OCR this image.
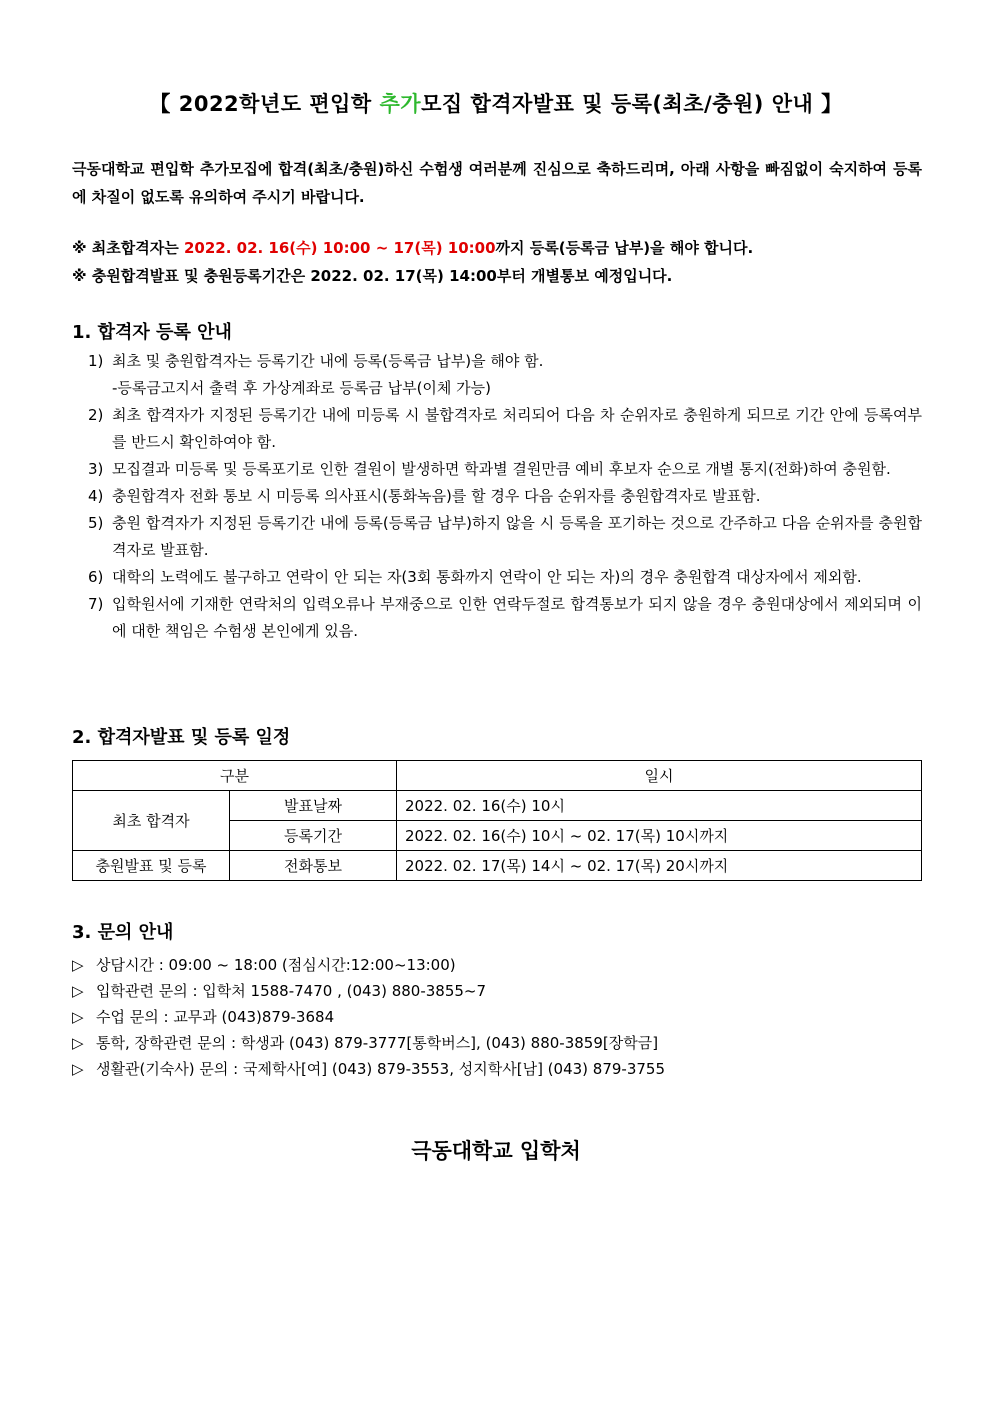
【 2022학년도 편입학 추가모집 합격자발표 및 등록(최초/충원) 안내 】
극동대학교 편입학 추가모집에 합격(최초/충원)하신 수험생 여러분께 진심으로 축하드리며, 아래 사항을 빠짐없이 숙지하여 등록에 차질이 없도록 유의하여 주시기 바랍니다.
※ 최초합격자는 2022. 02. 16(수) 10:00 ~ 17(목) 10:00까지 등록(등록금 납부)을 해야 합니다.
※ 충원합격발표 및 충원등록기간은 2022. 02. 17(목) 14:00부터 개별통보 예정입니다.
1. 합격자 등록 안내
1) 최초 및 충원합격자는 등록기간 내에 등록(등록금 납부)을 해야 함.
-등록금고지서 출력 후 가상계좌로 등록금 납부(이체 가능)
2) 최초 합격자가 지정된 등록기간 내에 미등록 시 불합격자로 처리되어 다음 차 순위자로 충원하게 되므로 기간 안에 등록여부를 반드시 확인하여야 함.
3) 모집결과 미등록 및 등록포기로 인한 결원이 발생하면 학과별 결원만큼 예비 후보자 순으로 개별 통지(전화)하여 충원함.
4) 충원합격자 전화 통보 시 미등록 의사표시(통화녹음)를 할 경우 다음 순위자를 충원합격자로 발표함.
5) 충원 합격자가 지정된 등록기간 내에 등록(등록금 납부)하지 않을 시 등록을 포기하는 것으로 간주하고 다음 순위자를 충원합격자로 발표함.
6) 대학의 노력에도 불구하고 연락이 안 되는 자(3회 통화까지 연락이 안 되는 자)의 경우 충원합격 대상자에서 제외함.
7) 입학원서에 기재한 연락처의 입력오류나 부재중으로 인한 연락두절로 합격통보가 되지 않을 경우 충원대상에서 제외되며 이에 대한 책임은 수험생 본인에게 있음.
2. 합격자발표 및 등록 일정
구분		일시
최초 합격자	발표날짜	2022. 02. 16(수) 10시
	등록기간	2022. 02. 16(수) 10시 ~ 02. 17(목) 10시까지
충원발표 및 등록	전화통보	2022. 02. 17(목) 14시 ~ 02. 17(목) 20시까지
3. 문의 안내
▷ 상담시간 : 09:00 ~ 18:00 (점심시간:12:00~13:00)
▷ 입학관련 문의 : 입학처 1588-7470 , (043) 880-3855~7
▷ 수업 문의 : 교무과 (043)879-3684
▷ 통학, 장학관련 문의 : 학생과 (043) 879-3777[통학버스], (043) 880-3859[장학금]
▷ 생활관(기숙사) 문의 : 국제학사[여] (043) 879-3553, 성지학사[남] (043) 879-3755
극동대학교 입학처
